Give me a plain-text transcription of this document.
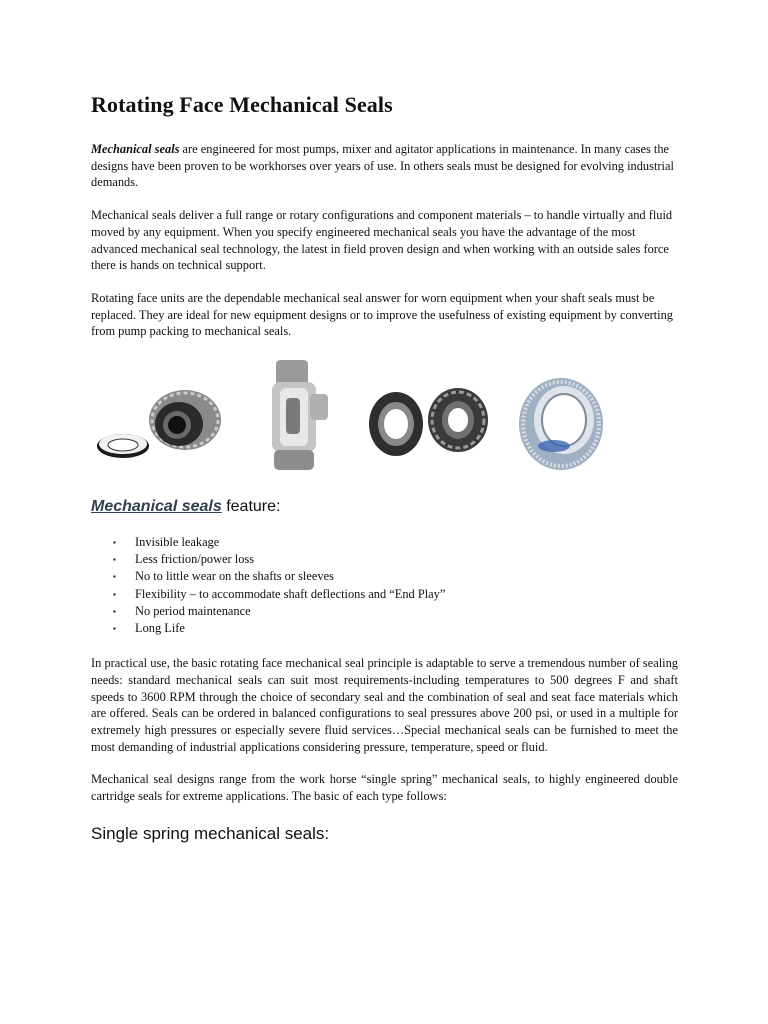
Rotating Face Mechanical Seals

Mechanical seals are engineered for most pumps, mixer and agitator applications in maintenance. In many cases the designs have been proven to be workhorses over years of use. In others seals must be designed for evolving industrial demands.

Mechanical seals deliver a full range or rotary configurations and component materials – to handle virtually and fluid moved by any equipment. When you specify engineered mechanical seals you have the advantage of the most advanced mechanical seal technology, the latest in field proven design and when working with an outside sales force there is hands on technical support.

Rotating face units are the dependable mechanical seal answer for worn equipment when your shaft seals must be replaced. They are ideal for new equipment designs or to improve the usefulness of existing equipment by converting from pump packing to mechanical seals.

Mechanical seals feature:
▪ Invisible leakage
▪ Less friction/power loss
▪ No to little wear on the shafts or sleeves
▪ Flexibility – to accommodate shaft deflections and “End Play”
▪ No period maintenance
▪ Long Life

In practical use, the basic rotating face mechanical seal principle is adaptable to serve a tremendous number of sealing needs: standard mechanical seals can suit most requirements-including temperatures to 500 degrees F and shaft speeds to 3600 RPM through the choice of secondary seal and the combination of seal and seat face materials which are offered. Seals can be ordered in balanced configurations to seal pressures above 200 psi, or used in a multiple for extremely high pressures or especially severe fluid services…Special mechanical seals can be furnished to meet the most demanding of industrial applications considering pressure, temperature, speed or fluid.

Mechanical seal designs range from the work horse “single spring” mechanical seals, to highly engineered double cartridge seals for extreme applications. The basic of each type follows:

Single spring mechanical seals:
